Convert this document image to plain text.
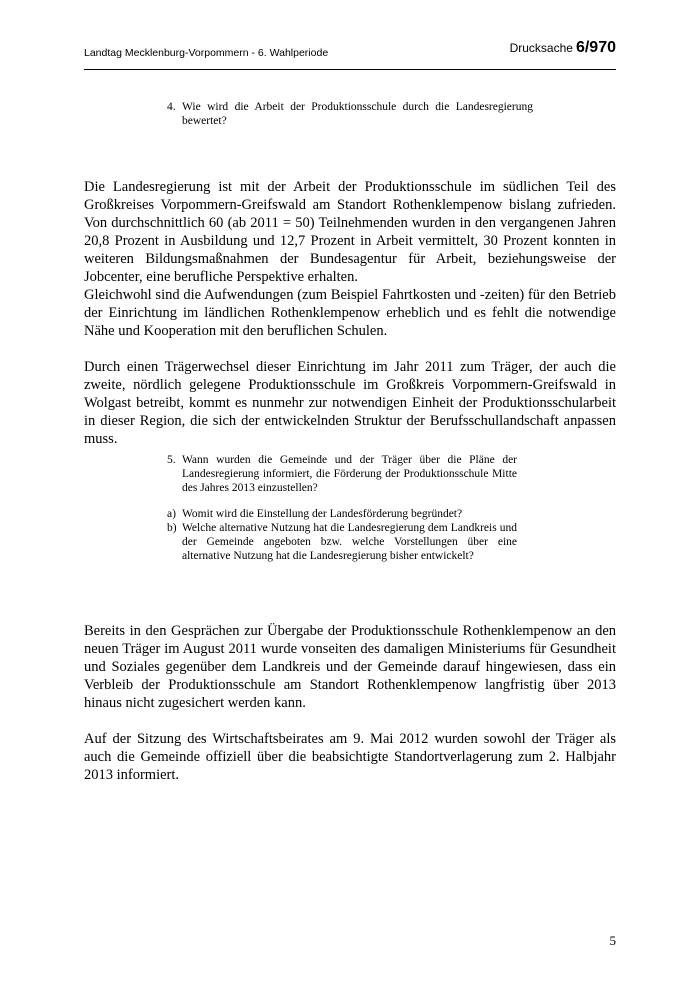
Landtag Mecklenburg-Vorpommern - 6. Wahlperiode	Drucksache 6/970
4. Wie wird die Arbeit der Produktionsschule durch die Landesregierung bewertet?

Die Landesregierung ist mit der Arbeit der Produktionsschule im südlichen Teil des Großkreises Vorpommern-Greifswald am Standort Rothenklempenow bislang zufrieden. Von durchschnittlich 60 (ab 2011 = 50) Teilnehmenden wurden in den vergangenen Jahren 20,8 Prozent in Ausbildung und 12,7 Prozent in Arbeit vermittelt, 30 Prozent konnten in weiteren Bildungsmaßnahmen der Bundesagentur für Arbeit, beziehungsweise der Jobcenter, eine berufliche Perspektive erhalten.

Gleichwohl sind die Aufwendungen (zum Beispiel Fahrtkosten und -zeiten) für den Betrieb der Einrichtung im ländlichen Rothenklempenow erheblich und es fehlt die notwendige Nähe und Kooperation mit den beruflichen Schulen.

Durch einen Trägerwechsel dieser Einrichtung im Jahr 2011 zum Träger, der auch die zweite, nördlich gelegene Produktionsschule im Großkreis Vorpommern-Greifswald in Wolgast betreibt, kommt es nunmehr zur notwendigen Einheit der Produktionsschularbeit in dieser Region, die sich der entwickelnden Struktur der Berufsschullandschaft anpassen muss.

5. Wann wurden die Gemeinde und der Träger über die Pläne der Landesregierung informiert, die Förderung der Produktionsschule Mitte des Jahres 2013 einzustellen?
a) Womit wird die Einstellung der Landesförderung begründet?
b) Welche alternative Nutzung hat die Landesregierung dem Landkreis und der Gemeinde angeboten bzw. welche Vorstellungen über eine alternative Nutzung hat die Landesregierung bisher entwickelt?

Bereits in den Gesprächen zur Übergabe der Produktionsschule Rothenklempenow an den neuen Träger im August 2011 wurde vonseiten des damaligen Ministeriums für Gesundheit und Soziales gegenüber dem Landkreis und der Gemeinde darauf hingewiesen, dass ein Verbleib der Produktionsschule am Standort Rothenklempenow langfristig über 2013 hinaus nicht zugesichert werden kann.

Auf der Sitzung des Wirtschaftsbeirates am 9. Mai 2012 wurden sowohl der Träger als auch die Gemeinde offiziell über die beabsichtigte Standortverlagerung zum 2. Halbjahr 2013 informiert.

5
